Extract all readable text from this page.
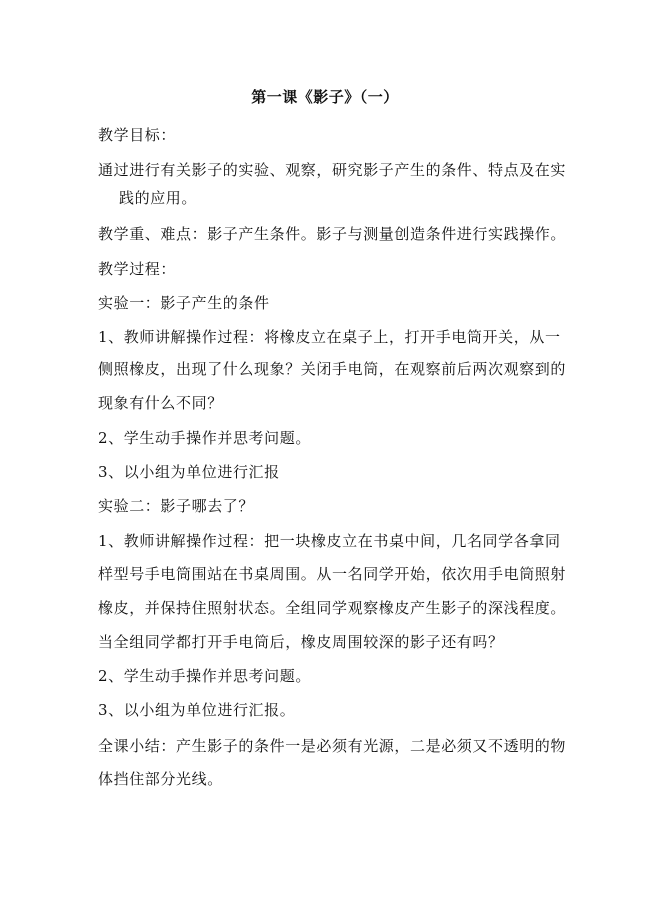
第一课《影子》（一）
教学目标：
通过进行有关影子的实验、观察，研究影子产生的条件、特点及在实
践的应用。
教学重、难点：影子产生条件。影子与测量创造条件进行实践操作。
教学过程：
实验一：影子产生的条件
1、教师讲解操作过程：将橡皮立在桌子上，打开手电筒开关，从一
侧照橡皮，出现了什么现象？关闭手电筒，在观察前后两次观察到的
现象有什么不同？
2、学生动手操作并思考问题。
3、以小组为单位进行汇报
实验二：影子哪去了？
1、教师讲解操作过程：把一块橡皮立在书桌中间，几名同学各拿同
样型号手电筒围站在书桌周围。从一名同学开始，依次用手电筒照射
橡皮，并保持住照射状态。全组同学观察橡皮产生影子的深浅程度。
当全组同学都打开手电筒后，橡皮周围较深的影子还有吗？
2、学生动手操作并思考问题。
3、以小组为单位进行汇报。
全课小结：产生影子的条件一是必须有光源，二是必须又不透明的物
体挡住部分光线。
